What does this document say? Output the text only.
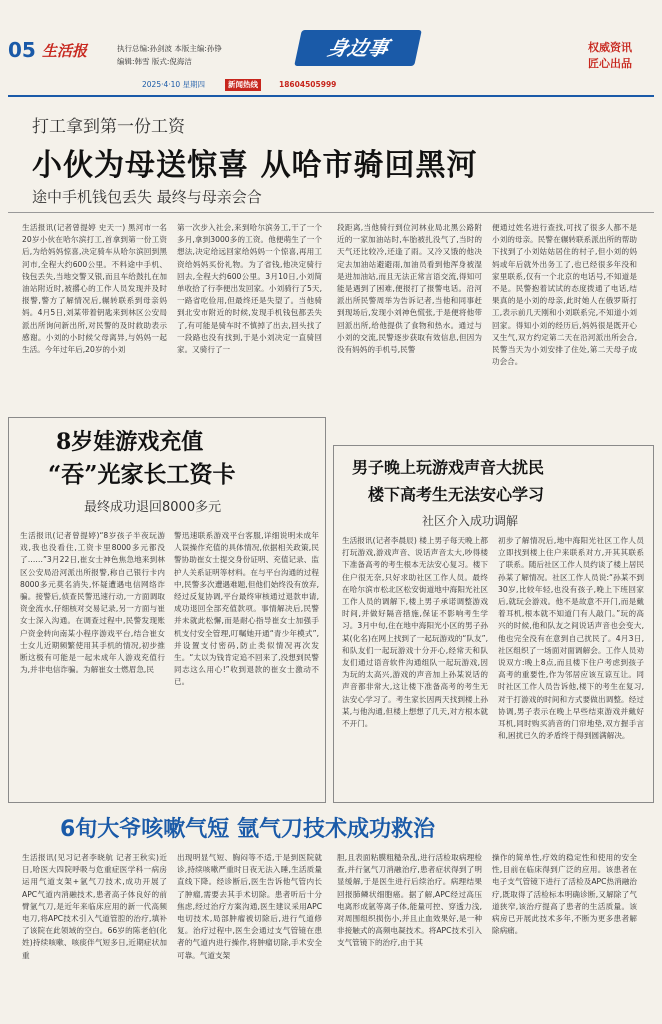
05 生活报	执行总编:孙剑波 本版主编:孙铮
编辑:韩雪 版式:倪海洁
身边事	权威资讯
匠心出品
2025·4·10 星期四	新闻热线	18604505999
打工拿到第一份工资
小伙为母送惊喜 从哈市骑回黑河
途中手机钱包丢失 最终与母亲会合
生活报讯(记者曾提婷 史天一) 黑河市一名20岁小伙在哈尔滨打工,首拿到第一份工资后,为给妈妈惊喜,决定骑车从哈尔滨回到黑河市,全程大约600公里。不料途中手机、钱包丢失,当地交警又银,而且车给鼓扎在加油站附近时,被撂心的工作人员发现并及时报警,警方了解情况后,辗转联系到母亲妈妈。4月5日,刘某带着钥匙来到林区公安局派出所询问新出所,对民警的及时救助表示感谢。小刘的小时候父母离异,与妈妈一起生活。今年过年后,20岁的小刘
第一次步入社会,来到哈尔滨务工,干了一个多月,拿到3000多的工资。他便萌生了一个想法,决定给远回家给妈妈一个惊喜,再用工资给妈妈买份礼物。为了省钱,他决定骑行回去,全程大约600公里。3月10日,小刘简单收拾了行李便出发回家。小刘骑行了5天,一路省吃俭用,但最终还是失望了。当他骑到北安市附近的时候,发现手机钱包都丢失了,有可能是骑车时不慎掉了出去,回头找了一段路也没有找到,于是小刘决定一直骑回家。又骑行了一
段距离,当他骑行到位河林业局北黑公路附近的一家加油站时,车胎被扎没气了,当时的天气还比较冷,还逢了雨。又冷又饿的他决定去加油站避避雨,加油员看到他浑身被湿是进加油站,而且无法正常言语交流,得知可能是遇到了困难,便报打了报警电话。沿河派出所民警周举为告诉记者,当他和同事赶到现场后,发现小刘神色慌张,于是便将他带回派出所,给他提供了食物和热水。通过与小刘的交流,民警逐步获取有效信息,但因为没有妈妈的手机号,民警
便通过姓名进行查找,可找了很多人都不是小刘的母亲。民警在辗转联系派出所的帮助下找到了小刘姑姑居住的村子,但小刘的妈妈或年后就外出务工了,也已经很多年没和家里联系,仅有一个北京的电话号,不知道是不是。民警抱着试试的态度拨通了电话,结果真的是小刘的母亲,此时她人在俄罗斯打工,表示前几天刚和小刘联系完,不知道小刘回家。得知小刘的经历后,妈妈很是既开心又生气,双方约定第二天在沿河派出所会合,民警当天为小刘安排了住处,第二天母子成功会合。
8岁娃游戏充值
“吞”光家长工资卡
最终成功退回8000多元
生活报讯(记者曾提婷)“8岁孩子半夜玩游戏,我也没看住,工资卡里8000多元都没了……”3月22日,崔女士神色焦急地来到林区公安局沿河派出所报警,称自己银行卡内8000多元莫名消失,怀疑遭遇电信网络诈骗。接警后,侦查民警迅速行动,一方面调取资金流水,仔细核对交易记录,另一方面与崔女士深入沟通。在调查过程中,民警发现账户资金转向南某小程序游戏平台,结合崔女士女儿近期频繁使用其手机的情况,初步推断这极有可能是一起未成年人游戏充值行为,并非电信诈骗。为解崔女士燃眉急,民
警迅速联系游戏平台客服,详细说明未成年人误操作充值的具体情况,依据相关政策,民警协助崔女士提交身份证明、充值记录、监护人关系证明等材料。在与平台沟通的过程中,民警多次遭遇难题,但他们始终没有放弃,经过反复协调,平台最终审核通过退款申请,成功退回全部充值款项。事情解决后,民警并未就此松懈,而是耐心指导崔女士加强手机支付安全管理,叮嘱她开通“青少年模式”,并设置支付密码,防止类似情况再次发生。“太以为钱肯定追不回来了,没想到民警同志这么用心!”收到退款的崔女士激动不已。
男子晚上玩游戏声音大扰民
楼下高考生无法安心学习
社区介入成功调解
生活报讯(记者李晨辰) 楼上男子每天晚上都打玩游戏,游戏声音、说话声音太大,吵得楼下准备高考的考生根本无法安心复习。楼下住户很无奈,只好求助社区工作人员。最终在哈尔滨市松北区松安街道地中海阳光社区工作人员的调解下,楼上男子承诺调整游戏时间,并做好隔音措施,保证不影响考生学习。3月中旬,住在地中海阳光小区的男子孙某(化名)在网上找到了一起玩游戏的“队友”,和队友们一起玩游戏十分开心,经常天和队友们通过语音软件沟通组队一起玩游戏,因为玩的太高兴,游戏的声音加上孙某说话的声音都非常大,这让楼下准备高考的考生无法安心学习了。考生家长因两天找到楼上孙某,与他沟通,但楼上想想了几天,对方根本就不开门。
初步了解情况后,地中海阳光社区工作人员立即找到楼上住户来联系对方,开其其联系了联系。随后社区工作人员约谈了楼上居民孙某了解情况。社区工作人员说:“孙某不到30岁,比较年轻,也没有孩子,晚上下班回家后,就玩会游戏。他不是故意不开门,而是戴着耳机,根本就不知道门有人敲门。”玩的高兴的时候,他和队友之间说话声音也会变大,他也完全没有在意到自己扰民了。4月3日,社区组织了一场面对面调解会。工作人员劝说双方:晚上8点,而且楼下住户考虑到孩子高考的重要性,作为邻居应该互谅互让。同时社区工作人员告诉他,楼下的考生在复习,对于打游戏的时间和方式要做出调整。经过协调,男子表示在晚上早些结束游戏并戴好耳机,同时购买消音的门帘地垫,双方握手言和,困扰已久的矛盾终于得到圆满解决。
6旬大爷咳嗽气短 氩气刀技术成功救治
生活报讯(见习记者李晓航 记者王秋实)近日,哈医大四院呼吸与危重症医学科一病房运用气道支架+氩气刀技术,成功开展了APC气道内消融技术,患者高子体良好的前臂氩气刀,是近年来临床应用的新一代高频电刀,将APC技术引入气道管腔的治疗,填补了该院在此领域的空白。66岁的陈老伯(化姓)持续咳嗽、咳痰伴气短多日,近期症状加重
出现明显气短、胸闷等不适,于是到医院就诊,持续咳嗽严重时日夜无法入睡,生活质量直线下降。经诊断后,医生告诉他气管内长了肿瘤,需要去其手术切除。患者听后十分焦虑,经过治疗方案沟通,医生建议采用APC电切技术,局部肿瘤被切除后,进行气道修复。治疗过程中,医生会通过支气管镜在患者的气道内进行操作,将肿瘤切除,手术安全可靠。气道支架
胆,且表面粘膜粗糙杂乱,进行活检取病理检查,并行氩气刀消融治疗,患者症状得到了明显缓解,于是医生进行后续治疗。病理结果回报肺鳞状细胞癌。据了解,APC经过高压电离形成氩等离子体,能量可控、穿透力浅,对周围组织损伤小,并且止血效果好,是一种非接触式的高频电凝技术。将APC技术引入支气管镜下的治疗,由于其
操作的简单性,疗效的稳定性和使用的安全性,目前在临床得到广泛的应用。该患者在电子支气管镜下进行了活检及APC热消融治疗,既取得了活检标本明确诊断,又解除了气道狭窄,该治疗提高了患者的生活质量。该病房已开展此技术多年,不断为更多患者解除病痛。
